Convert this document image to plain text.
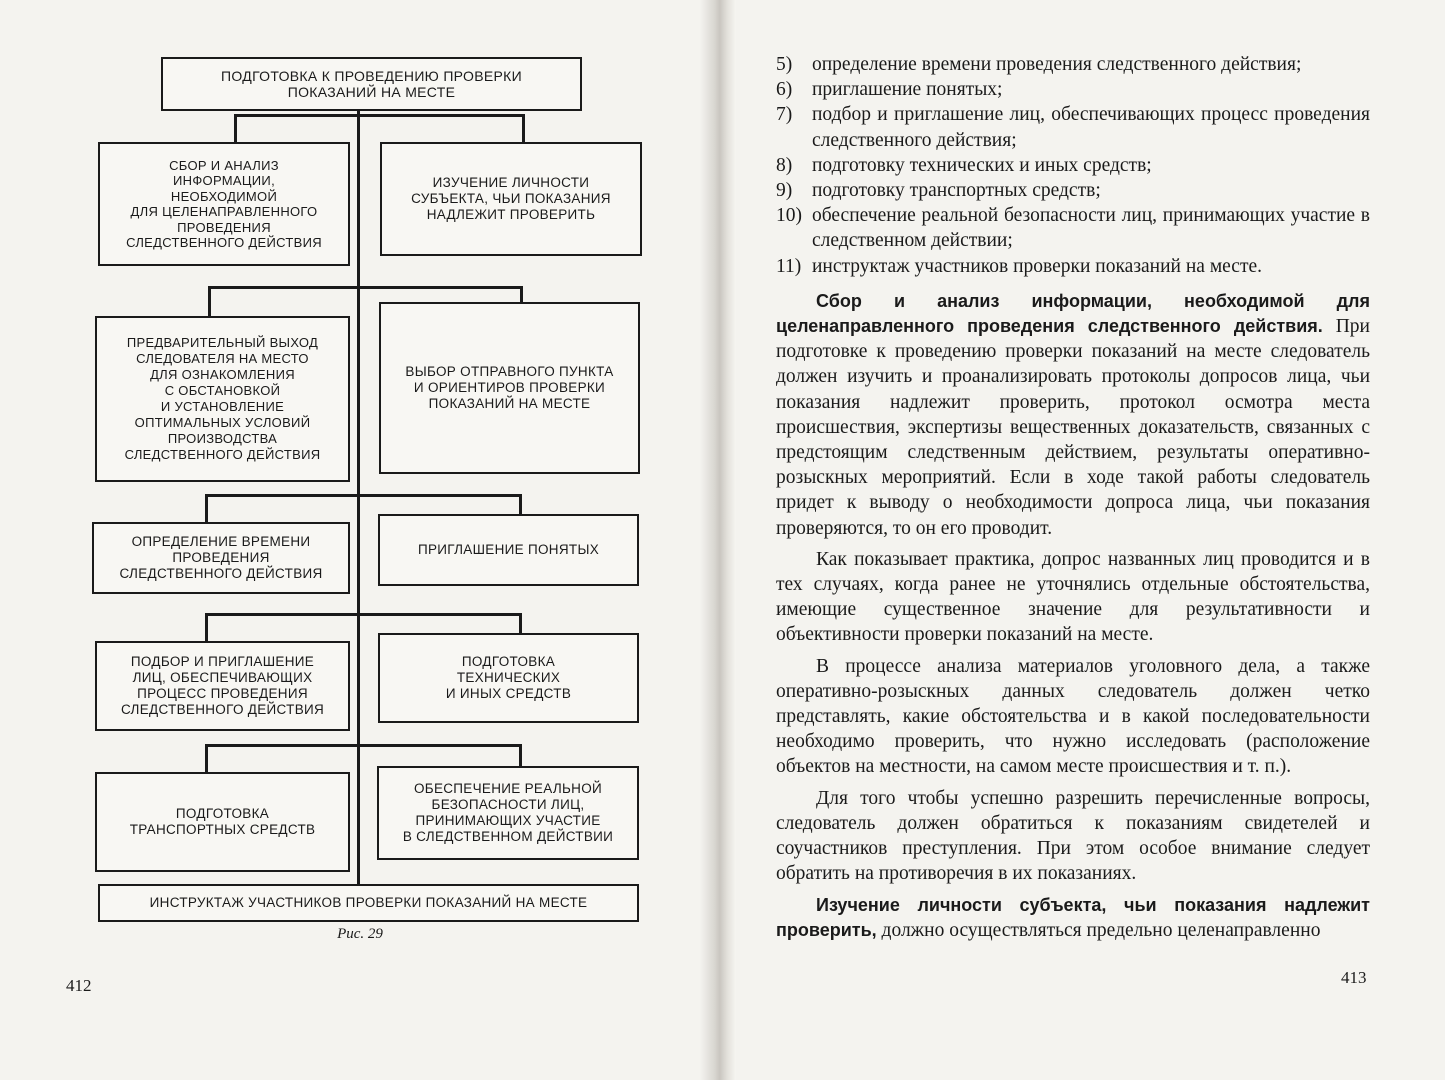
ПОДГОТОВКА К ПРОВЕДЕНИЮ ПРОВЕРКИ
ПОКАЗАНИЙ НА МЕСТЕ
СБОР И АНАЛИЗ
ИНФОРМАЦИИ,
НЕОБХОДИМОЙ
ДЛЯ ЦЕЛЕНАПРАВЛЕННОГО
ПРОВЕДЕНИЯ
СЛЕДСТВЕННОГО ДЕЙСТВИЯ
ИЗУЧЕНИЕ ЛИЧНОСТИ
СУБЪЕКТА, ЧЬИ ПОКАЗАНИЯ
НАДЛЕЖИТ ПРОВЕРИТЬ
ПРЕДВАРИТЕЛЬНЫЙ ВЫХОД
СЛЕДОВАТЕЛЯ НА МЕСТО
ДЛЯ ОЗНАКОМЛЕНИЯ
С ОБСТАНОВКОЙ
И УСТАНОВЛЕНИЕ
ОПТИМАЛЬНЫХ УСЛОВИЙ
ПРОИЗВОДСТВА
СЛЕДСТВЕННОГО ДЕЙСТВИЯ
ВЫБОР ОТПРАВНОГО ПУНКТА
И ОРИЕНТИРОВ ПРОВЕРКИ
ПОКАЗАНИЙ НА МЕСТЕ
ОПРЕДЕЛЕНИЕ ВРЕМЕНИ
ПРОВЕДЕНИЯ
СЛЕДСТВЕННОГО ДЕЙСТВИЯ
ПРИГЛАШЕНИЕ ПОНЯТЫХ
ПОДБОР И ПРИГЛАШЕНИЕ
ЛИЦ, ОБЕСПЕЧИВАЮЩИХ
ПРОЦЕСС ПРОВЕДЕНИЯ
СЛЕДСТВЕННОГО ДЕЙСТВИЯ
ПОДГОТОВКА
ТЕХНИЧЕСКИХ
И ИНЫХ СРЕДСТВ
ПОДГОТОВКА
ТРАНСПОРТНЫХ СРЕДСТВ
ОБЕСПЕЧЕНИЕ РЕАЛЬНОЙ
БЕЗОПАСНОСТИ ЛИЦ,
ПРИНИМАЮЩИХ УЧАСТИЕ
В СЛЕДСТВЕННОМ ДЕЙСТВИИ
ИНСТРУКТАЖ УЧАСТНИКОВ ПРОВЕРКИ ПОКАЗАНИЙ НА МЕСТЕ
Рис. 29
412
5)	определение времени проведения следственного действия;
6)	приглашение понятых;
7)	подбор и приглашение лиц, обеспечивающих процесс проведения следственного действия;
8)	подготовку технических и иных средств;
9)	подготовку транспортных средств;
10) обеспечение реальной безопасности лиц, принимающих участие в следственном действии;
11) инструктаж участников проверки показаний на месте.

Сбор и анализ информации, необходимой для целенаправленного проведения следственного действия. При подготовке к проведению проверки показаний на месте следователь должен изучить и проанализировать протоколы допросов лица, чьи показания надлежит проверить, протокол осмотра места происшествия, экспертизы вещественных доказательств, связанных с предстоящим следственным действием, результаты оперативно-розыскных мероприятий. Если в ходе такой работы следователь придет к выводу о необходимости допроса лица, чьи показания проверяются, то он его проводит.

Как показывает практика, допрос названных лиц проводится и в тех случаях, когда ранее не уточнялись отдельные обстоятельства, имеющие существенное значение для результативности и объективности проверки показаний на месте.

В процессе анализа материалов уголовного дела, а также оперативно-розыскных данных следователь должен четко представлять, какие обстоятельства и в какой последовательности необходимо проверить, что нужно исследовать (расположение объектов на местности, на самом месте происшествия и т. п.).

Для того чтобы успешно разрешить перечисленные вопросы, следователь должен обратиться к показаниям свидетелей и соучастников преступления. При этом особое внимание следует обратить на противоречия в их показаниях.

Изучение личности субъекта, чьи показания надлежит проверить, должно осуществляться предельно целенаправленно

413
